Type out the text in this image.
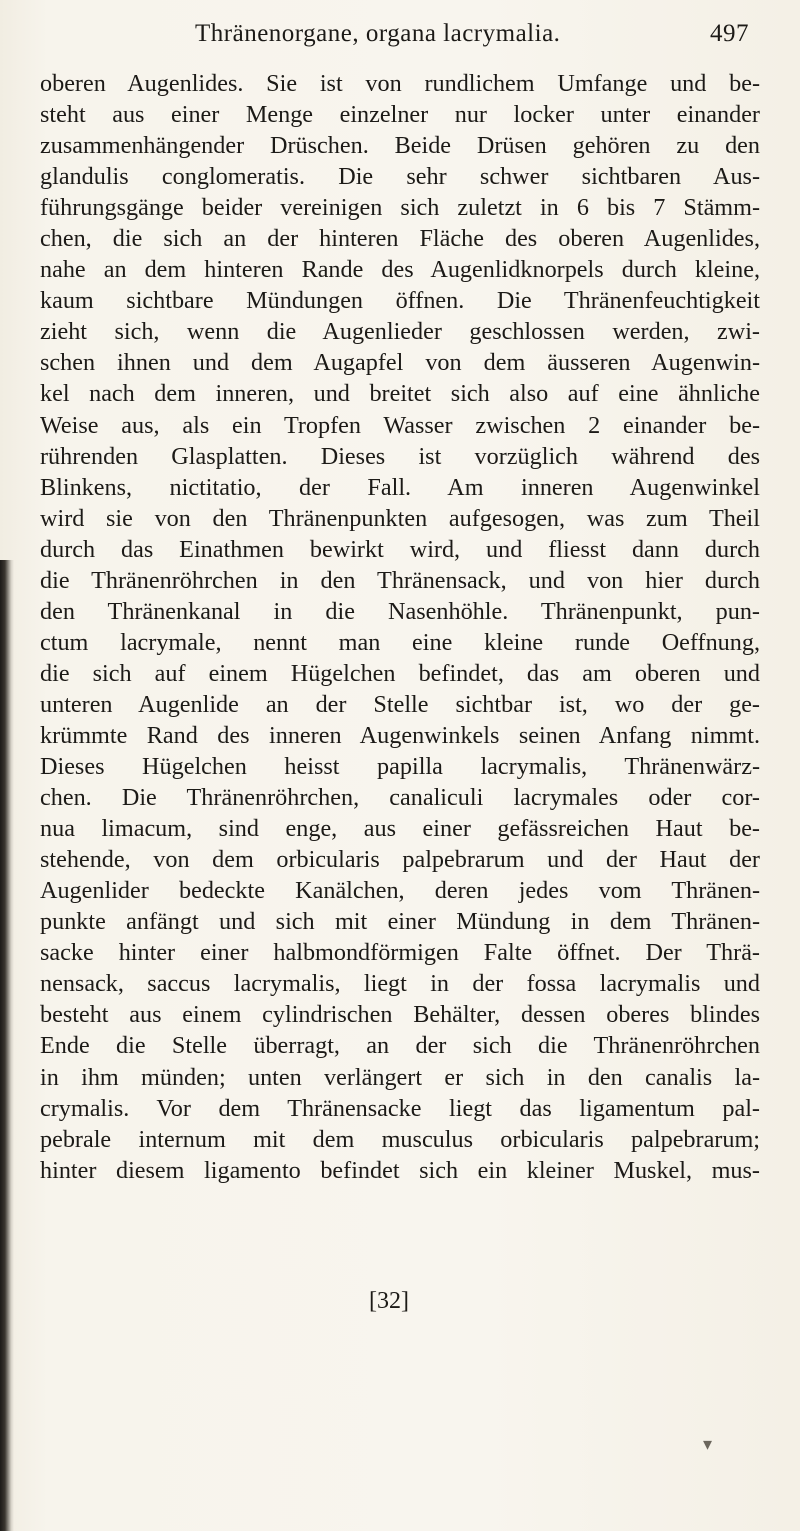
Thränenorgane, organa lacrymalia.	497
oberen Augenlides. Sie ist von rundlichem Umfange und be-
steht aus einer Menge einzelner nur locker unter einander
zusammenhängender Drüschen. Beide Drüsen gehören zu den
glandulis conglomeratis. Die sehr schwer sichtbaren Aus-
führungsgänge beider vereinigen sich zuletzt in 6 bis 7 Stämm-
chen, die sich an der hinteren Fläche des oberen Augenlides,
nahe an dem hinteren Rande des Augenlidknorpels durch kleine,
kaum sichtbare Mündungen öffnen. Die Thränenfeuchtigkeit
zieht sich, wenn die Augenlieder geschlossen werden, zwi-
schen ihnen und dem Augapfel von dem äusseren Augenwin-
kel nach dem inneren, und breitet sich also auf eine ähnliche
Weise aus, als ein Tropfen Wasser zwischen 2 einander be-
rührenden Glasplatten. Dieses ist vorzüglich während des
Blinkens, nictitatio, der Fall. Am inneren Augenwinkel
wird sie von den Thränenpunkten aufgesogen, was zum Theil
durch das Einathmen bewirkt wird, und fliesst dann durch
die Thränenröhrchen in den Thränensack, und von hier durch
den Thränenkanal in die Nasenhöhle. Thränenpunkt, pun-
ctum lacrymale, nennt man eine kleine runde Oeffnung,
die sich auf einem Hügelchen befindet, das am oberen und
unteren Augenlide an der Stelle sichtbar ist, wo der ge-
krümmte Rand des inneren Augenwinkels seinen Anfang nimmt.
Dieses Hügelchen heisst papilla lacrymalis, Thränenwärz-
chen. Die Thränenröhrchen, canaliculi lacrymales oder cor-
nua limacum, sind enge, aus einer gefässreichen Haut be-
stehende, von dem orbicularis palpebrarum und der Haut der
Augenlider bedeckte Kanälchen, deren jedes vom Thränen-
punkte anfängt und sich mit einer Mündung in dem Thränen-
sacke hinter einer halbmondförmigen Falte öffnet. Der Thrä-
nensack, saccus lacrymalis, liegt in der fossa lacrymalis und
besteht aus einem cylindrischen Behälter, dessen oberes blindes
Ende die Stelle überragt, an der sich die Thränenröhrchen
in ihm münden; unten verlängert er sich in den canalis la-
crymalis. Vor dem Thränensacke liegt das ligamentum pal-
pebrale internum mit dem musculus orbicularis palpebrarum;
hinter diesem ligamento befindet sich ein kleiner Muskel, mus-
[32]
▾
